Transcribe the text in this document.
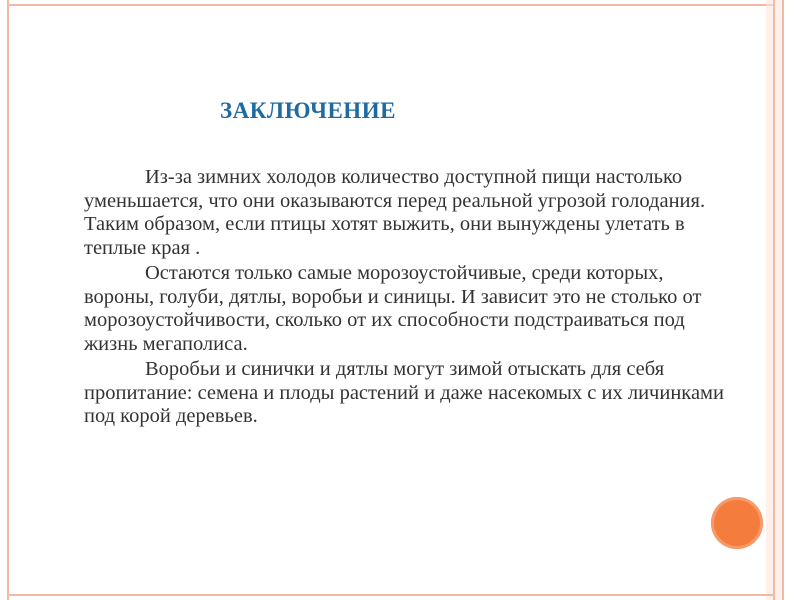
ЗАКЛЮЧЕНИЕ

Из-за зимних холодов количество доступной пищи настолько уменьшается, что они оказываются перед реальной угрозой голодания. Таким образом, если птицы хотят выжить, они вынуждены улетать в теплые края .

Остаются только самые морозоустойчивые, среди которых, вороны, голуби, дятлы, воробьи и синицы. И зависит это не столько от морозоустойчивости, сколько от их способности подстраиваться под жизнь мегаполиса.

Воробьи и синички и дятлы могут зимой отыскать для себя пропитание: семена и плоды растений и даже насекомых с их личинками под корой деревьев.
